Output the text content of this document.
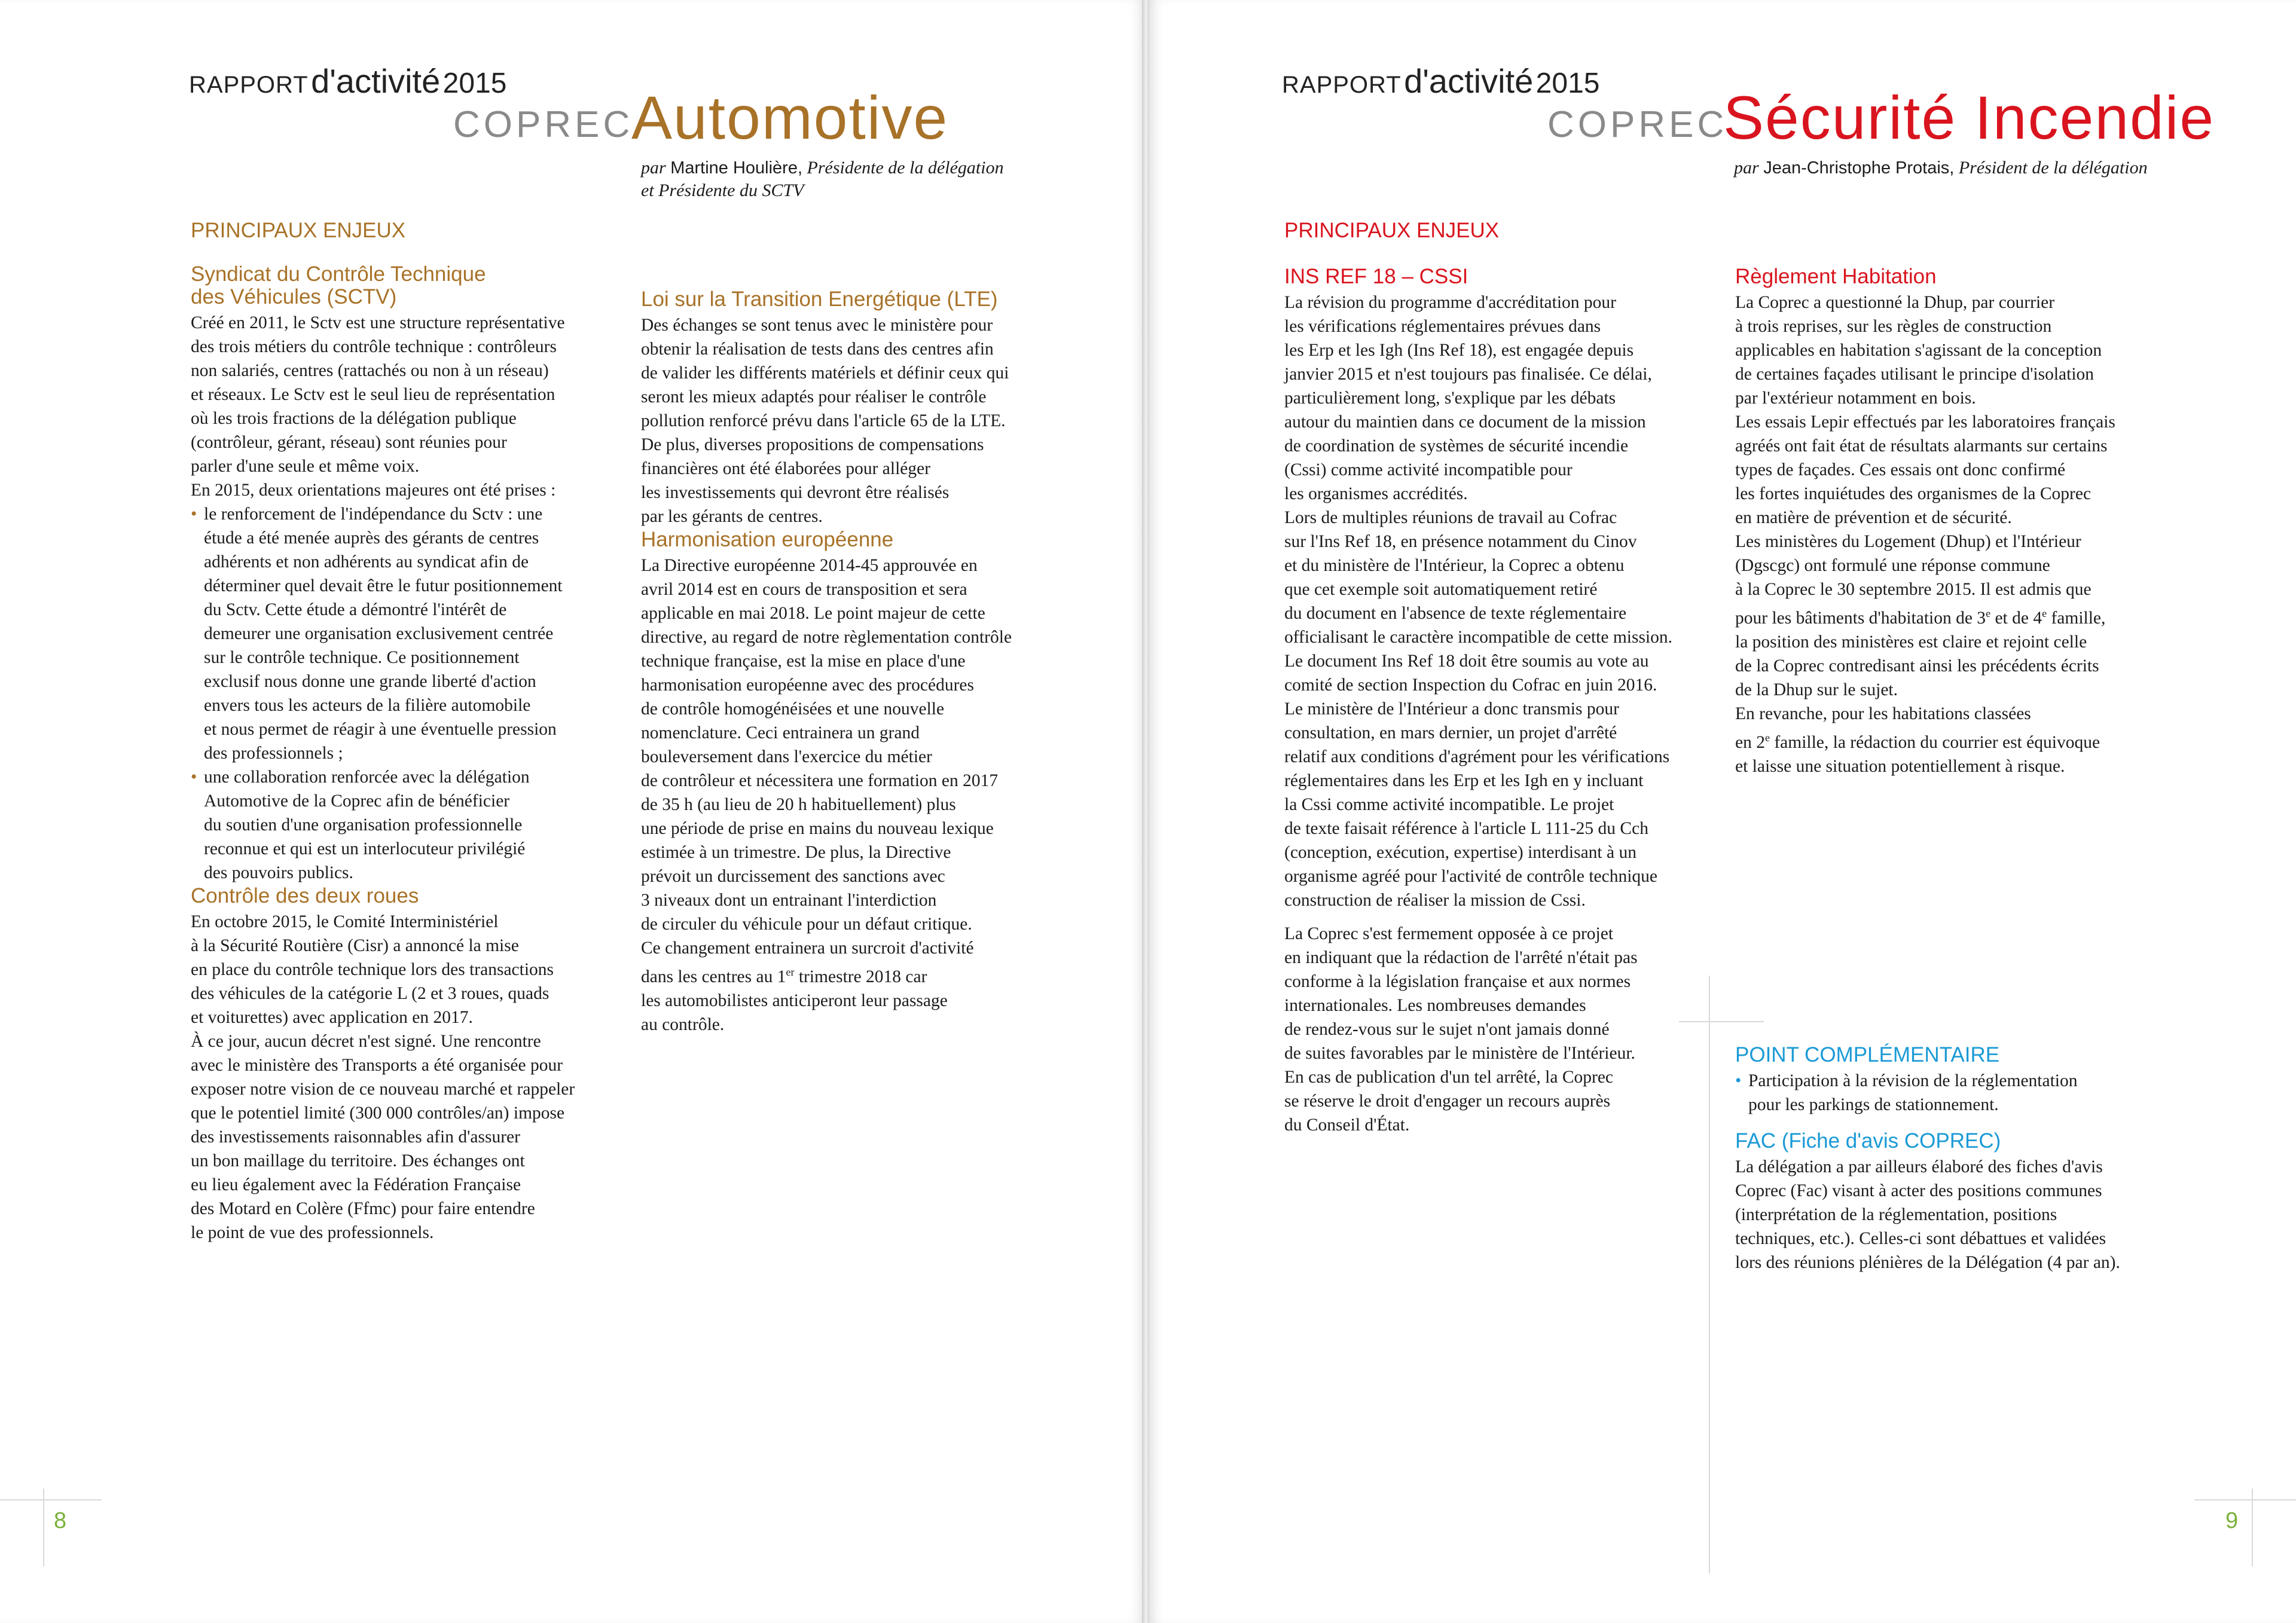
RAPPORT d'activité 2015
COPREC
Automotive
par Martine Houlière, Présidente de la délégation
et Présidente du SCTV
PRINCIPAUX ENJEUX
Syndicat du Contrôle Technique
des Véhicules (SCTV)

Créé en 2011, le Sctv est une structure représentative
des trois métiers du contrôle technique : contrôleurs
non salariés, centres (rattachés ou non à un réseau)
et réseaux. Le Sctv est le seul lieu de représentation
où les trois fractions de la délégation publique
(contrôleur, gérant, réseau) sont réunies pour
parler d'une seule et même voix.
En 2015, deux orientations majeures ont été prises :

• le renforcement de l'indépendance du Sctv : une
étude a été menée auprès des gérants de centres
adhérents et non adhérents au syndicat afin de
déterminer quel devait être le futur positionnement
du Sctv. Cette étude a démontré l'intérêt de
demeurer une organisation exclusivement centrée
sur le contrôle technique. Ce positionnement
exclusif nous donne une grande liberté d'action
envers tous les acteurs de la filière automobile
et nous permet de réagir à une éventuelle pression
des professionnels ;
• une collaboration renforcée avec la délégation
Automotive de la Coprec afin de bénéficier
du soutien d'une organisation professionnelle
reconnue et qui est un interlocuteur privilégié
des pouvoirs publics.
Contrôle des deux roues

En octobre 2015, le Comité Interministériel
à la Sécurité Routière (Cisr) a annoncé la mise
en place du contrôle technique lors des transactions
des véhicules de la catégorie L (2 et 3 roues, quads
et voiturettes) avec application en 2017.
À ce jour, aucun décret n'est signé. Une rencontre
avec le ministère des Transports a été organisée pour
exposer notre vision de ce nouveau marché et rappeler
que le potentiel limité (300 000 contrôles/an) impose
des investissements raisonnables afin d'assurer
un bon maillage du territoire. Des échanges ont
eu lieu également avec la Fédération Française
des Motard en Colère (Ffmc) pour faire entendre
le point de vue des professionnels.

Loi sur la Transition Energétique (LTE)

Des échanges se sont tenus avec le ministère pour
obtenir la réalisation de tests dans des centres afin
de valider les différents matériels et définir ceux qui
seront les mieux adaptés pour réaliser le contrôle
pollution renforcé prévu dans l'article 65 de la LTE.
De plus, diverses propositions de compensations
financières ont été élaborées pour alléger
les investissements qui devront être réalisés
par les gérants de centres.

Harmonisation européenne

La Directive européenne 2014-45 approuvée en
avril 2014 est en cours de transposition et sera
applicable en mai 2018. Le point majeur de cette
directive, au regard de notre règlementation contrôle
technique française, est la mise en place d'une
harmonisation européenne avec des procédures
de contrôle homogénéisées et une nouvelle
nomenclature. Ceci entrainera un grand
bouleversement dans l'exercice du métier
de contrôleur et nécessitera une formation en 2017
de 35 h (au lieu de 20 h habituellement) plus
une période de prise en mains du nouveau lexique
estimée à un trimestre. De plus, la Directive
prévoit un durcissement des sanctions avec
3 niveaux dont un entrainant l'interdiction
de circuler du véhicule pour un défaut critique.
Ce changement entrainera un surcroit d'activité
dans les centres au 1er trimestre 2018 car
les automobilistes anticiperont leur passage
au contrôle.

8
RAPPORT d'activité 2015
COPREC
Sécurité Incendie
par Jean-Christophe Protais, Président de la délégation
PRINCIPAUX ENJEUX
INS REF 18 – CSSI

La révision du programme d'accréditation pour
les vérifications réglementaires prévues dans
les Erp et les Igh (Ins Ref 18), est engagée depuis
janvier 2015 et n'est toujours pas finalisée. Ce délai,
particulièrement long, s'explique par les débats
autour du maintien dans ce document de la mission
de coordination de systèmes de sécurité incendie
(Cssi) comme activité incompatible pour
les organismes accrédités.
Lors de multiples réunions de travail au Cofrac
sur l'Ins Ref 18, en présence notamment du Cinov
et du ministère de l'Intérieur, la Coprec a obtenu
que cet exemple soit automatiquement retiré
du document en l'absence de texte réglementaire
officialisant le caractère incompatible de cette mission.
Le document Ins Ref 18 doit être soumis au vote au
comité de section Inspection du Cofrac en juin 2016.
Le ministère de l'Intérieur a donc transmis pour
consultation, en mars dernier, un projet d'arrêté
relatif aux conditions d'agrément pour les vérifications
réglementaires dans les Erp et les Igh en y incluant
la Cssi comme activité incompatible. Le projet
de texte faisait référence à l'article L 111-25 du Cch
(conception, exécution, expertise) interdisant à un
organisme agréé pour l'activité de contrôle technique
construction de réaliser la mission de Cssi.

La Coprec s'est fermement opposée à ce projet
en indiquant que la rédaction de l'arrêté n'était pas
conforme à la législation française et aux normes
internationales. Les nombreuses demandes
de rendez-vous sur le sujet n'ont jamais donné
de suites favorables par le ministère de l'Intérieur.
En cas de publication d'un tel arrêté, la Coprec
se réserve le droit d'engager un recours auprès
du Conseil d'État.

Règlement Habitation

La Coprec a questionné la Dhup, par courrier
à trois reprises, sur les règles de construction
applicables en habitation s'agissant de la conception
de certaines façades utilisant le principe d'isolation
par l'extérieur notamment en bois.
Les essais Lepir effectués par les laboratoires français
agréés ont fait état de résultats alarmants sur certains
types de façades. Ces essais ont donc confirmé
les fortes inquiétudes des organismes de la Coprec
en matière de prévention et de sécurité.
Les ministères du Logement (Dhup) et l'Intérieur
(Dgscgc) ont formulé une réponse commune
à la Coprec le 30 septembre 2015. Il est admis que
pour les bâtiments d'habitation de 3e et de 4e famille,
la position des ministères est claire et rejoint celle
de la Coprec contredisant ainsi les précédents écrits
de la Dhup sur le sujet.
En revanche, pour les habitations classées
en 2e famille, la rédaction du courrier est équivoque
et laisse une situation potentiellement à risque.

POINT COMPLÉMENTAIRE
• Participation à la révision de la réglementation
pour les parkings de stationnement.
FAC (Fiche d'avis COPREC)

La délégation a par ailleurs élaboré des fiches d'avis
Coprec (Fac) visant à acter des positions communes
(interprétation de la réglementation, positions
techniques, etc.). Celles-ci sont débattues et validées
lors des réunions plénières de la Délégation (4 par an).

9
